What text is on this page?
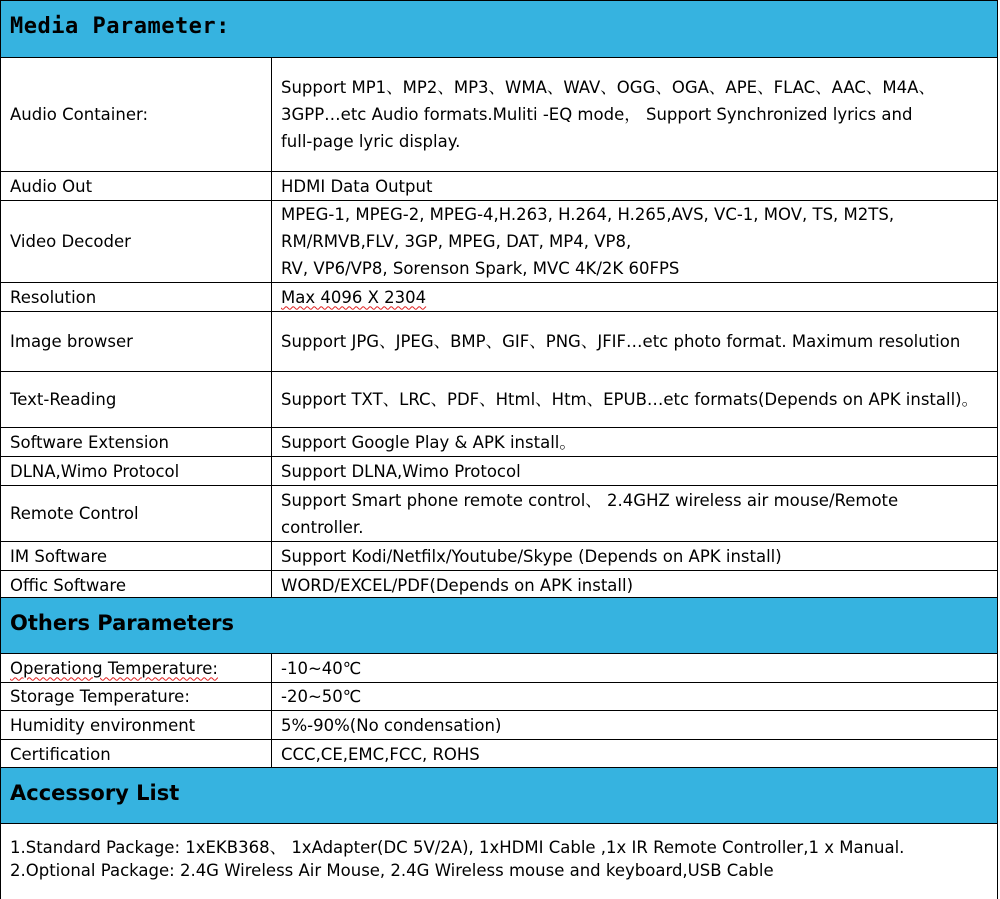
Media Parameter:
Audio Container:	Support MP1、MP2、MP3、WMA、WAV、OGG、OGA、APE、FLAC、AAC、M4A、
3GPP…etc Audio formats.Muliti -EQ mode， Support Synchronized lyrics and
full-page lyric display.

Audio Out	HDMI Data Output

Video Decoder	MPEG-1, MPEG-2, MPEG-4,H.263, H.264, H.265,AVS, VC-1, MOV, TS, M2TS,
RM/RMVB,FLV, 3GP, MPEG, DAT, MP4, VP8,
RV, VP6/VP8, Sorenson Spark, MVC 4K/2K 60FPS

Resolution	Max 4096 X 2304

Image browser	Support JPG、JPEG、BMP、GIF、PNG、JFIF…etc photo format. Maximum resolution

Text-Reading	Support TXT、LRC、PDF、Html、Htm、EPUB…etc formats(Depends on APK install)。

Software Extension	Support Google Play & APK install。

DLNA,Wimo Protocol	Support DLNA,Wimo Protocol

Remote Control	Support Smart phone remote control、 2.4GHZ wireless air mouse/Remote
controller.

IM Software	Support Kodi/Netfilx/Youtube/Skype (Depends on APK install)

Offic Software	WORD/EXCEL/PDF(Depends on APK install)
Others Parameters
Operationg Temperature:	-10~40℃

Storage Temperature:	-20~50℃

Humidity environment	5%-90%(No condensation)

Certification	CCC,CE,EMC,FCC, ROHS
Accessory List
1.Standard Package: 1xEKB368、 1xAdapter(DC 5V/2A), 1xHDMI Cable ,1x IR Remote Controller,1 x Manual.
2.Optional Package: 2.4G Wireless Air Mouse, 2.4G Wireless mouse and keyboard,USB Cable
